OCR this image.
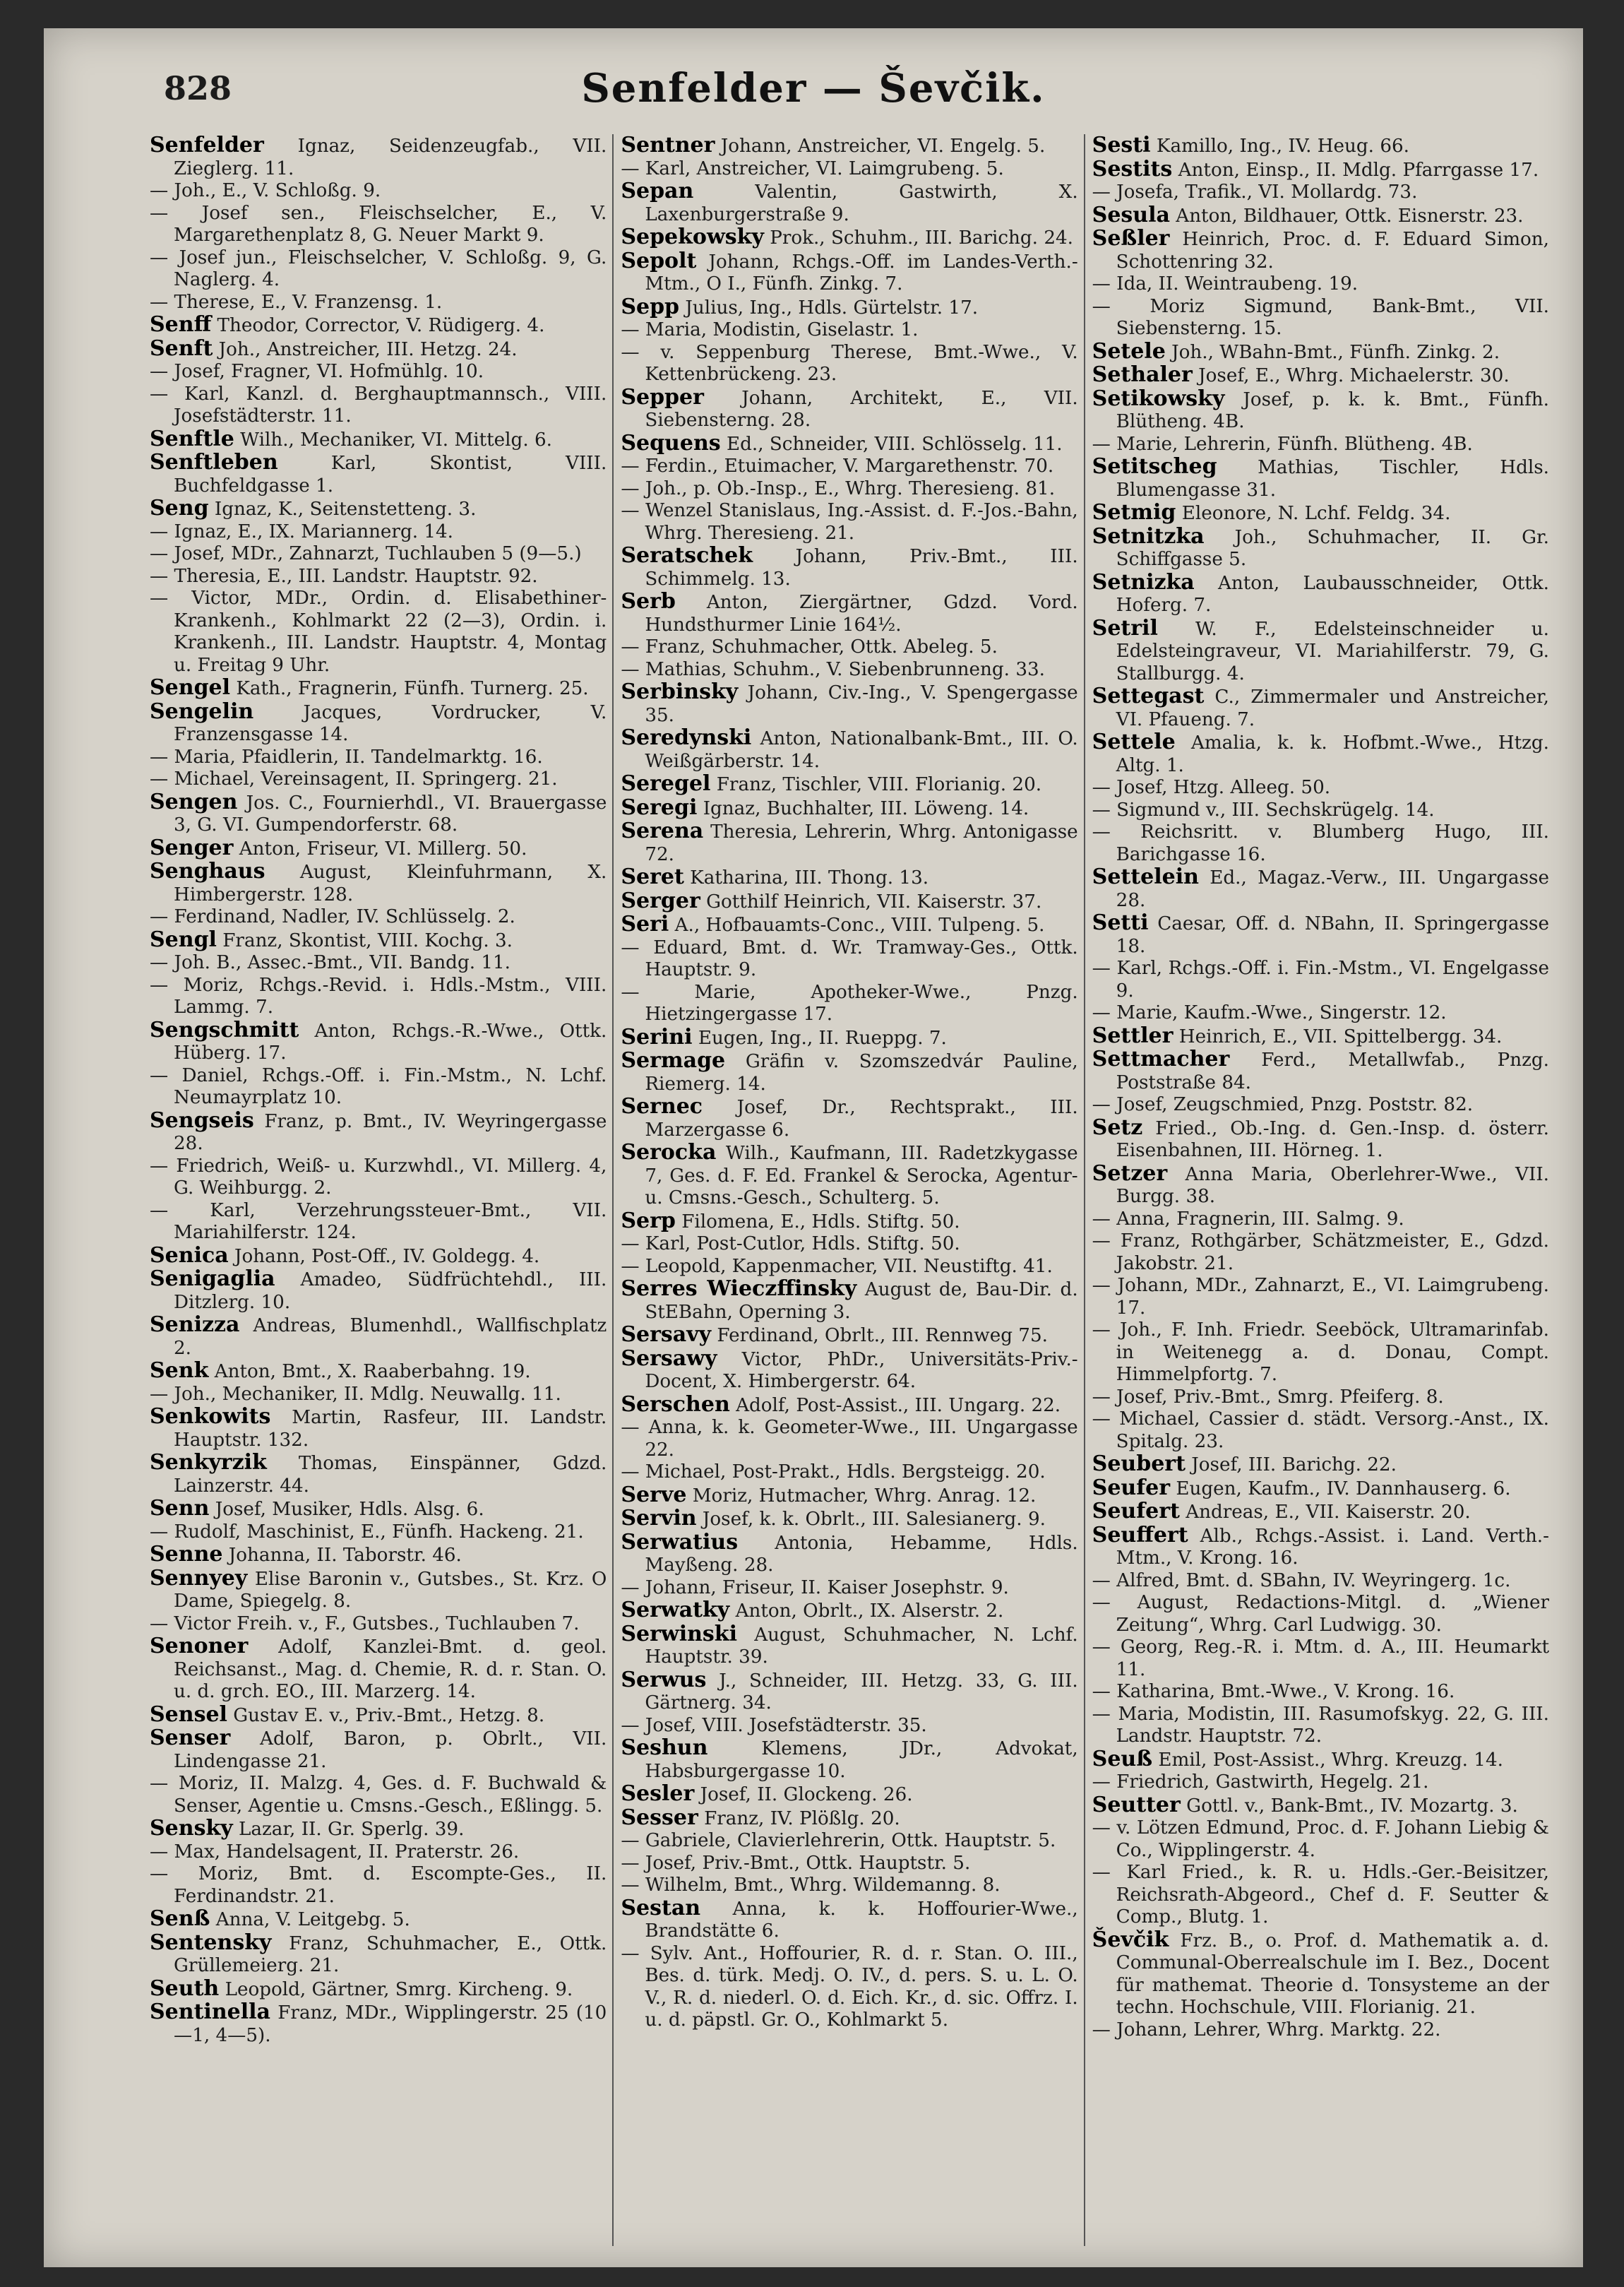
828	Senfelder — Ševčik.
Senfelder Ignaz, Seidenzeugfab., VII. Zieglerg. 11.
— Joh., E., V. Schloßg. 9.
— Josef sen., Fleischselcher, E., V. Margarethenplatz 8, G. Neuer Markt 9.
— Josef jun., Fleischselcher, V. Schloßg. 9, G. Naglerg. 4.
— Therese, E., V. Franzensg. 1.
Senff Theodor, Corrector, V. Rüdigerg. 4.
Senft Joh., Anstreicher, III. Hetzg. 24.
— Josef, Fragner, VI. Hofmühlg. 10.
— Karl, Kanzl. d. Berghauptmannsch., VIII. Josefstädterstr. 11.
Senftle Wilh., Mechaniker, VI. Mittelg. 6.
Senftleben	Karl, Skontist, VIII. Buchfeldgasse 1.
Seng Ignaz, K., Seitenstetteng. 3.
— Ignaz, E., IX. Mariannerg. 14.
— Josef, MDr., Zahnarzt, Tuchlauben 5 (9—5.)
— Theresia, E., III. Landstr. Hauptstr. 92.
— Victor, MDr., Ordin. d. Elisabethiner-Krankenh., Kohlmarkt 22 (2—3), Ordin. i. Krankenh., III. Landstr. Hauptstr. 4, Montag u. Freitag 9 Uhr.
Sengel Kath., Fragnerin, Fünfh. Turnerg. 25.
Sengelin	Jacques, Vordrucker, V. Franzensgasse 14.
— Maria, Pfaidlerin, II. Tandelmarktg. 16.
— Michael, Vereinsagent, II. Springerg. 21.
Sengen Jos. C., Fournierhdl., VI. Brauergasse 3, G. VI. Gumpendorferstr. 68.
Senger Anton, Friseur, VI. Millerg. 50.
Senghaus August, Kleinfuhrmann, X. Himbergerstr. 128.
— Ferdinand, Nadler, IV. Schlüsselg. 2.
Sengl Franz, Skontist, VIII. Kochg. 3.
— Joh. B., Assec.-Bmt., VII. Bandg. 11.
— Moriz, Rchgs.-Revid. i. Hdls.-Mstm., VIII. Lammg. 7.
Sengschmitt Anton, Rchgs.-R.-Wwe., Ottk. Hüberg. 17.
— Daniel, Rchgs.-Off. i. Fin.-Mstm., N. Lchf. Neumayrplatz 10.
Sengseis Franz, p. Bmt., IV. Weyringergasse 28.
— Friedrich, Weiß- u. Kurzwhdl., VI. Millerg. 4, G. Weihburgg. 2.
— Karl, Verzehrungssteuer-Bmt., VII. Mariahilferstr. 124.
Senica Johann, Post-Off., IV. Goldegg. 4.
Senigaglia Amadeo, Südfrüchtehdl., III. Ditzlerg. 10.
Senizza Andreas, Blumenhdl., Wallfischplatz 2.
Senk Anton, Bmt., X. Raaberbahng. 19.
— Joh., Mechaniker, II. Mdlg. Neuwallg. 11.
Senkowits Martin, Rasfeur, III. Landstr. Hauptstr. 132.
Senkyrzik Thomas, Einspänner, Gdzd. Lainzerstr. 44.
Senn Josef, Musiker, Hdls. Alsg. 6.
— Rudolf, Maschinist, E., Fünfh. Hackeng. 21.
Senne Johanna, II. Taborstr. 46.
Sennyey Elise Baronin v., Gutsbes., St. Krz. O Dame, Spiegelg. 8.
— Victor Freih. v., F., Gutsbes., Tuchlauben 7.
Senoner Adolf, Kanzlei-Bmt. d. geol. Reichsanst., Mag. d. Chemie, R. d. r. Stan. O. u. d. grch. EO., III. Marzerg. 14.
Sensel Gustav E. v., Priv.-Bmt., Hetzg. 8.
Senser Adolf, Baron, p. Obrlt., VII. Lindengasse 21.
— Moriz, II. Malzg. 4, Ges. d. F. Buchwald & Senser, Agentie u. Cmsns.-Gesch., Eßlingg. 5.
Sensky Lazar, II. Gr. Sperlg. 39.
— Max, Handelsagent, II. Praterstr. 26.
— Moriz, Bmt. d. Escompte-Ges., II. Ferdinandstr. 21.
Senß Anna, V. Leitgebg. 5.
Sentensky Franz, Schuhmacher, E., Ottk. Grüllemeierg. 21.
Seuth Leopold, Gärtner, Smrg. Kircheng. 9.
Sentinella Franz, MDr., Wipplingerstr. 25 (10—1, 4—5).
Sentner Johann, Anstreicher, VI. Engelg. 5.
— Karl, Anstreicher, VI. Laimgrubeng. 5.
Sepan	Valentin, Gastwirth, X. Laxenburgerstraße 9.
Sepekowsky Prok., Schuhm., III. Barichg. 24.
Sepolt Johann, Rchgs.-Off. im Landes-Verth.-Mtm., O I., Fünfh. Zinkg. 7.
Sepp Julius, Ing., Hdls. Gürtelstr. 17.
— Maria, Modistin, Giselastr. 1.
— v. Seppenburg Therese, Bmt.-Wwe., V. Kettenbrückeng. 23.
Sepper Johann, Architekt, E., VII. Siebensterng. 28.
Sequens Ed., Schneider, VIII. Schlösselg. 11.
— Ferdin., Etuimacher, V. Margarethenstr. 70.
— Joh., p. Ob.-Insp., E., Whrg. Theresieng. 81.
— Wenzel Stanislaus, Ing.-Assist. d. F.-Jos.-Bahn, Whrg. Theresieng. 21.
Seratschek Johann, Priv.-Bmt., III. Schimmelg. 13.
Serb Anton, Ziergärtner, Gdzd. Vord. Hundsthurmer Linie 164½.
— Franz, Schuhmacher, Ottk. Abeleg. 5.
— Mathias, Schuhm., V. Siebenbrunneng. 33.
Serbinsky Johann, Civ.-Ing., V. Spengergasse 35.
Seredynski Anton, Nationalbank-Bmt., III. O. Weißgärberstr. 14.
Seregel Franz, Tischler, VIII. Florianig. 20.
Seregi Ignaz, Buchhalter, III. Löweng. 14.
Serena Theresia, Lehrerin, Whrg. Antonigasse 72.
Seret Katharina, III. Thong. 13.
Serger Gotthilf Heinrich, VII. Kaiserstr. 37.
Seri A., Hofbauamts-Conc., VIII. Tulpeng. 5.
— Eduard, Bmt. d. Wr. Tramway-Ges., Ottk. Hauptstr. 9.
— Marie, Apotheker-Wwe., Pnzg. Hietzingergasse 17.
Serini Eugen, Ing., II. Rueppg. 7.
Sermage Gräfin v. Szomszedvár Pauline, Riemerg. 14.
Sernec Josef, Dr., Rechtsprakt., III. Marzergasse 6.
Serocka Wilh., Kaufmann, III. Radetzkygasse 7, Ges. d. F. Ed. Frankel & Serocka, Agentur- u. Cmsns.-Gesch., Schulterg. 5.
Serp Filomena, E., Hdls. Stiftg. 50.
— Karl, Post-Cutlor, Hdls. Stiftg. 50.
— Leopold, Kappenmacher, VII. Neustiftg. 41.
Serres Wieczffinsky August de, Bau-Dir. d. StEBahn, Operning 3.
Sersavy Ferdinand, Obrlt., III. Rennweg 75.
Sersawy Victor, PhDr., Universitäts-Priv.-Docent, X. Himbergerstr. 64.
Serschen Adolf, Post-Assist., III. Ungarg. 22.
— Anna, k. k. Geometer-Wwe., III. Ungargasse 22.
— Michael, Post-Prakt., Hdls. Bergsteigg. 20.
Serve Moriz, Hutmacher, Whrg. Anrag. 12.
Servin Josef, k. k. Obrlt., III. Salesianerg. 9.
Serwatius Antonia, Hebamme, Hdls. Mayßeng. 28.
— Johann, Friseur, II. Kaiser Josephstr. 9.
Serwatky Anton, Obrlt., IX. Alserstr. 2.
Serwinski August, Schuhmacher, N. Lchf. Hauptstr. 39.
Serwus J., Schneider, III. Hetzg. 33, G. III. Gärtnerg. 34.
— Josef, VIII. Josefstädterstr. 35.
Seshun	Klemens, JDr., Advokat, Habsburgergasse 10.
Sesler Josef, II. Glockeng. 26.
Sesser Franz, IV. Plößlg. 20.
— Gabriele, Clavierlehrerin, Ottk. Hauptstr. 5.
— Josef, Priv.-Bmt., Ottk. Hauptstr. 5.
— Wilhelm, Bmt., Whrg. Wildemanng. 8.
Sestan Anna, k. k. Hoffourier-Wwe., Brandstätte 6.
— Sylv. Ant., Hoffourier, R. d. r. Stan. O. III., Bes. d. türk. Medj. O. IV., d. pers. S. u. L. O. V., R. d. niederl. O. d. Eich. Kr., d. sic. Offrz. I. u. d. päpstl. Gr. O., Kohlmarkt 5.
Sesti Kamillo, Ing., IV. Heug. 66.
Sestits Anton, Einsp., II. Mdlg. Pfarrgasse 17.
— Josefa, Trafik., VI. Mollardg. 73.
Sesula Anton, Bildhauer, Ottk. Eisnerstr. 23.
Seßler Heinrich, Proc. d. F. Eduard Simon, Schottenring 32.
— Ida, II. Weintraubeng. 19.
— Moriz Sigmund, Bank-Bmt., VII. Siebensterng. 15.
Setele Joh., WBahn-Bmt., Fünfh. Zinkg. 2.
Sethaler Josef, E., Whrg. Michaelerstr. 30.
Setikowsky Josef, p. k. k. Bmt., Fünfh. Blütheng. 4B.
— Marie, Lehrerin, Fünfh. Blütheng. 4B.
Setitscheg Mathias, Tischler, Hdls. Blumengasse 31.
Setmig Eleonore, N. Lchf. Feldg. 34.
Setnitzka Joh., Schuhmacher, II. Gr. Schiffgasse 5.
Setnizka Anton, Laubausschneider, Ottk. Hoferg. 7.
Setril W. F., Edelsteinschneider u. Edelsteingraveur, VI. Mariahilferstr. 79, G. Stallburgg. 4.
Settegast C., Zimmermaler und Anstreicher, VI. Pfaueng. 7.
Settele Amalia, k. k. Hofbmt.-Wwe., Htzg. Altg. 1.
— Josef, Htzg. Alleeg. 50.
— Sigmund v., III. Sechskrügelg. 14.
— Reichsritt. v. Blumberg Hugo, III. Barichgasse 16.
Settelein Ed., Magaz.-Verw., III. Ungargasse 28.
Setti Caesar, Off. d. NBahn, II. Springergasse 18.
— Karl, Rchgs.-Off. i. Fin.-Mstm., VI. Engelgasse 9.
— Marie, Kaufm.-Wwe., Singerstr. 12.
Settler Heinrich, E., VII. Spittelbergg. 34.
Settmacher Ferd., Metallwfab., Pnzg. Poststraße 84.
— Josef, Zeugschmied, Pnzg. Poststr. 82.
Setz Fried., Ob.-Ing. d. Gen.-Insp. d. österr. Eisenbahnen, III. Hörneg. 1.
Setzer Anna Maria, Oberlehrer-Wwe., VII. Burgg. 38.
— Anna, Fragnerin, III. Salmg. 9.
— Franz, Rothgärber, Schätzmeister, E., Gdzd. Jakobstr. 21.
— Johann, MDr., Zahnarzt, E., VI. Laimgrubeng. 17.
— Joh., F. Inh. Friedr. Seeböck, Ultramarinfab. in Weitenegg a. d. Donau, Compt. Himmelpfortg. 7.
— Josef, Priv.-Bmt., Smrg. Pfeiferg. 8.
— Michael, Cassier d. städt. Versorg.-Anst., IX. Spitalg. 23.
Seubert Josef, III. Barichg. 22.
Seufer Eugen, Kaufm., IV. Dannhauserg. 6.
Seufert Andreas, E., VII. Kaiserstr. 20.
Seuffert Alb., Rchgs.-Assist. i. Land. Verth.-Mtm., V. Krong. 16.
— Alfred, Bmt. d. SBahn, IV. Weyringerg. 1c.
— August, Redactions-Mitgl. d. „Wiener Zeitung“, Whrg. Carl Ludwigg. 30.
— Georg, Reg.-R. i. Mtm. d. A., III. Heumarkt 11.
— Katharina, Bmt.-Wwe., V. Krong. 16.
— Maria, Modistin, III. Rasumofskyg. 22, G. III. Landstr. Hauptstr. 72.
Seuß Emil, Post-Assist., Whrg. Kreuzg. 14.
— Friedrich, Gastwirth, Hegelg. 21.
Seutter Gottl. v., Bank-Bmt., IV. Mozartg. 3.
— v. Lötzen Edmund, Proc. d. F. Johann Liebig & Co., Wipplingerstr. 4.
— Karl Fried., k. R. u. Hdls.-Ger.-Beisitzer, Reichsrath-Abgeord., Chef d. F. Seutter & Comp., Blutg. 1.
Ševčik Frz. B., o. Prof. d. Mathematik a. d. Communal-Oberrealschule im I. Bez., Docent für mathemat. Theorie d. Tonsysteme an der techn. Hochschule, VIII. Florianig. 21.
— Johann, Lehrer, Whrg. Marktg. 22.
